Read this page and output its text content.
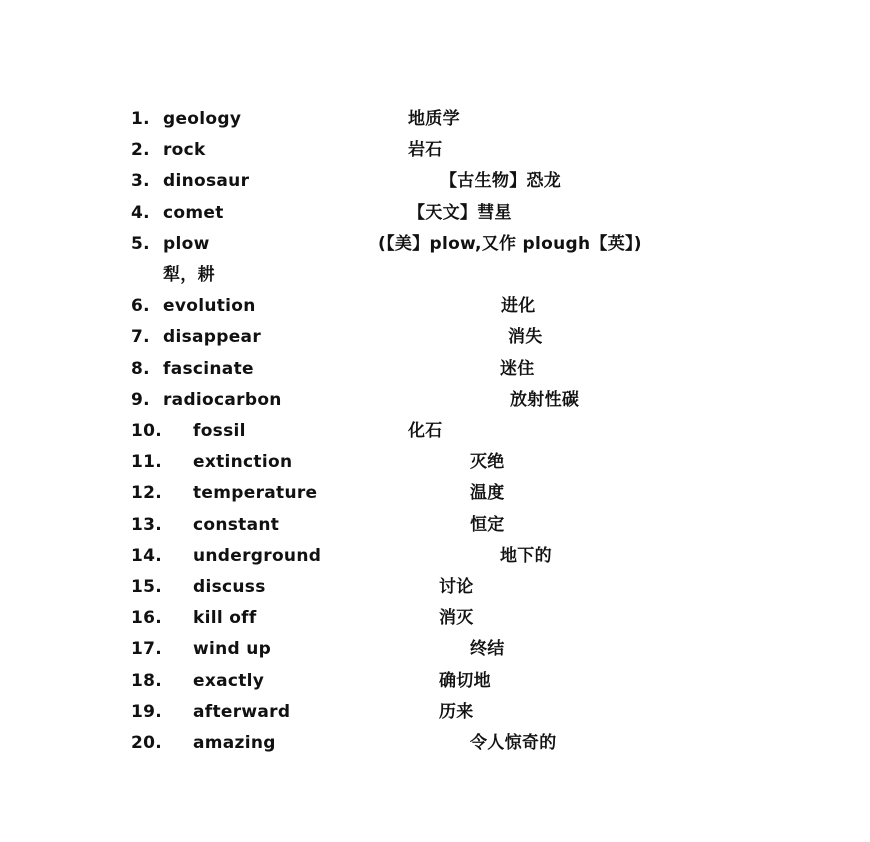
1. geology	地质学
2. rock	岩石
3. dinosaur	【古生物】恐龙
4. comet	【天文】彗星
5. plow	(【美】plow,又作 plough【英】)
犁，耕
6. evolution	进化
7. disappear	消失
8. fascinate	迷住
9. radiocarbon	放射性碳
10. fossil	化石
11. extinction	灭绝
12. temperature	温度
13. constant	恒定
14. underground	地下的
15. discuss	讨论
16. kill off	消灭
17. wind up	终结
18. exactly	确切地
19. afterward	历来
20. amazing	令人惊奇的
